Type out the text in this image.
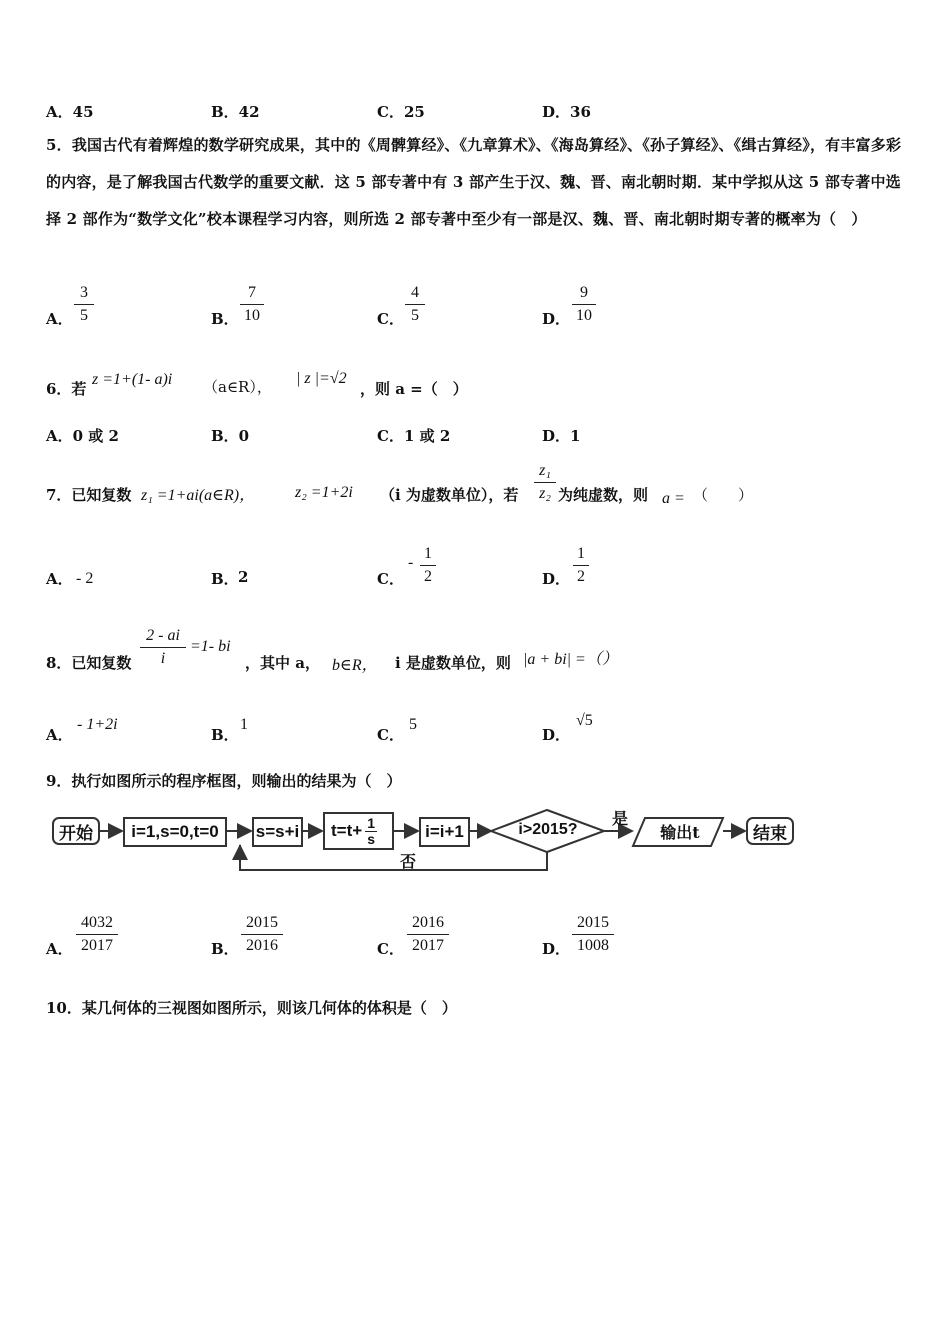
A．45	B．42	C．25	D．36
5．我国古代有着辉煌的数学研究成果，其中的《周髀算经》、《九章算术》、《海岛算经》、《孙子算经》、《缉古算经》，有丰富多彩的内容，是了解我国古代数学的重要文献．这 5 部专著中有 3 部产生于汉、魏、晋、南北朝时期．某中学拟从这 5 部专著中选择 2 部作为“数学文化”校本课程学习内容，则所选 2 部专著中至少有一部是汉、魏、晋、南北朝时期专著的概率为（　）
A．
3
5	B．
7
10	C．
4
5	D．
9
10
6．若
z =1+(1- a)i （a∈R）， | z |=√2
，则 a =（　）
A．0 或 2	B．0	C．1 或 2	D．1
7．已知复数 z₁ =1+ai(a∈R)， z₂ =1+2i （i 为虚数单位），若
z₁
z₂ 为纯虚数，则 a = （　　）
A． - 2	B． 2	C．
-
1
2	D．
1
2
8．已知复数
2 - ai
i
=1- bi
，其中 a， b∈R， i 是虚数单位，则 |a + bi| =（）
A．
- 1+2i
B．
1
C．
5
D．
√5
9．执行如图所示的程序框图，则输出的结果为（　）
开始	i=1,s=0,t=0	s=s+i t=t+ 1
s	i=i+1	i>2015?
是
否
输出t	结束
A．
4032
2017	B．
2015
2016	C．
2016
2017	D．
2015
1008
10．某几何体的三视图如图所示，则该几何体的体积是（　）
